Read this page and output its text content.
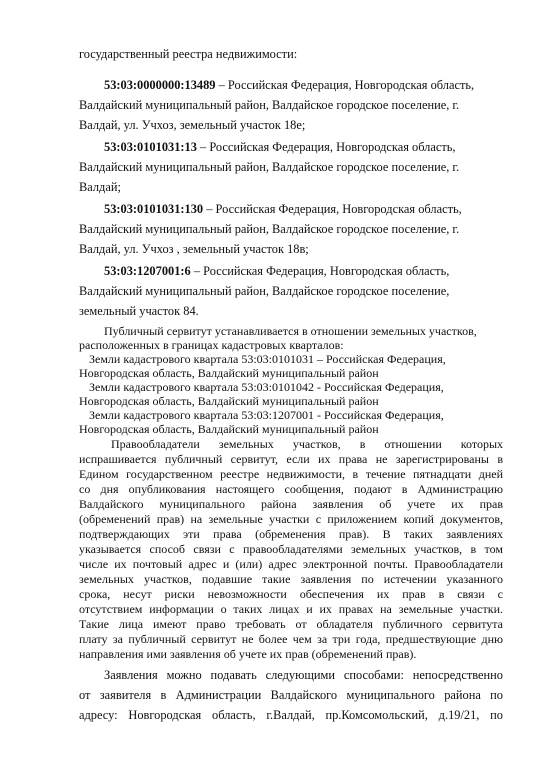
государственный реестра недвижимости:
53:03:0000000:13489 – Российская Федерация, Новгородская область,
Валдайский муниципальный район, Валдайское городское поселение, г.
Валдай, ул. Учхоз, земельный участок 18е;
53:03:0101031:13 – Российская Федерация, Новгородская область,
Валдайский муниципальный район, Валдайское городское поселение, г.
Валдай;
53:03:0101031:130 – Российская Федерация, Новгородская область,
Валдайский муниципальный район, Валдайское городское поселение, г.
Валдай, ул. Учхоз , земельный участок 18в;
53:03:1207001:6 – Российская Федерация, Новгородская область,
Валдайский муниципальный район, Валдайское городское поселение,
земельный участок 84.
Публичный сервитут устанавливается в отношении земельных участков,
расположенных в границах кадастровых кварталов:
Земли кадастрового квартала 53:03:0101031 – Российская Федерация,
Новгородская область, Валдайский муниципальный район
Земли кадастрового квартала 53:03:0101042 - Российская Федерация,
Новгородская область, Валдайский муниципальный район
Земли кадастрового квартала 53:03:1207001 - Российская Федерация,
Новгородская область, Валдайский муниципальный район
Правообладатели земельных участков, в отношении которых
испрашивается публичный сервитут, если их права не зарегистрированы в
Едином государственном реестре недвижимости, в течение пятнадцати дней
со дня опубликования настоящего сообщения, подают в Администрацию
Валдайского муниципального района заявления об учете их прав
(обременений прав) на земельные участки с приложением копий документов,
подтверждающих эти права (обременения прав). В таких заявлениях
указывается способ связи с правообладателями земельных участков, в том
числе их почтовый адрес и (или) адрес электронной почты. Правообладатели
земельных участков, подавшие такие заявления по истечении указанного
срока, несут риски невозможности обеспечения их прав в связи с
отсутствием информации о таких лицах и их правах на земельные участки.
Такие лица имеют право требовать от обладателя публичного сервитута
плату за публичный сервитут не более чем за три года, предшествующие дню
направления ими заявления об учете их прав (обременений прав).
Заявления можно подавать следующими способами: непосредственно
от заявителя в Администрации Валдайского муниципального района по
адресу: Новгородская область, г.Валдай, пр.Комсомольский, д.19/21, по
